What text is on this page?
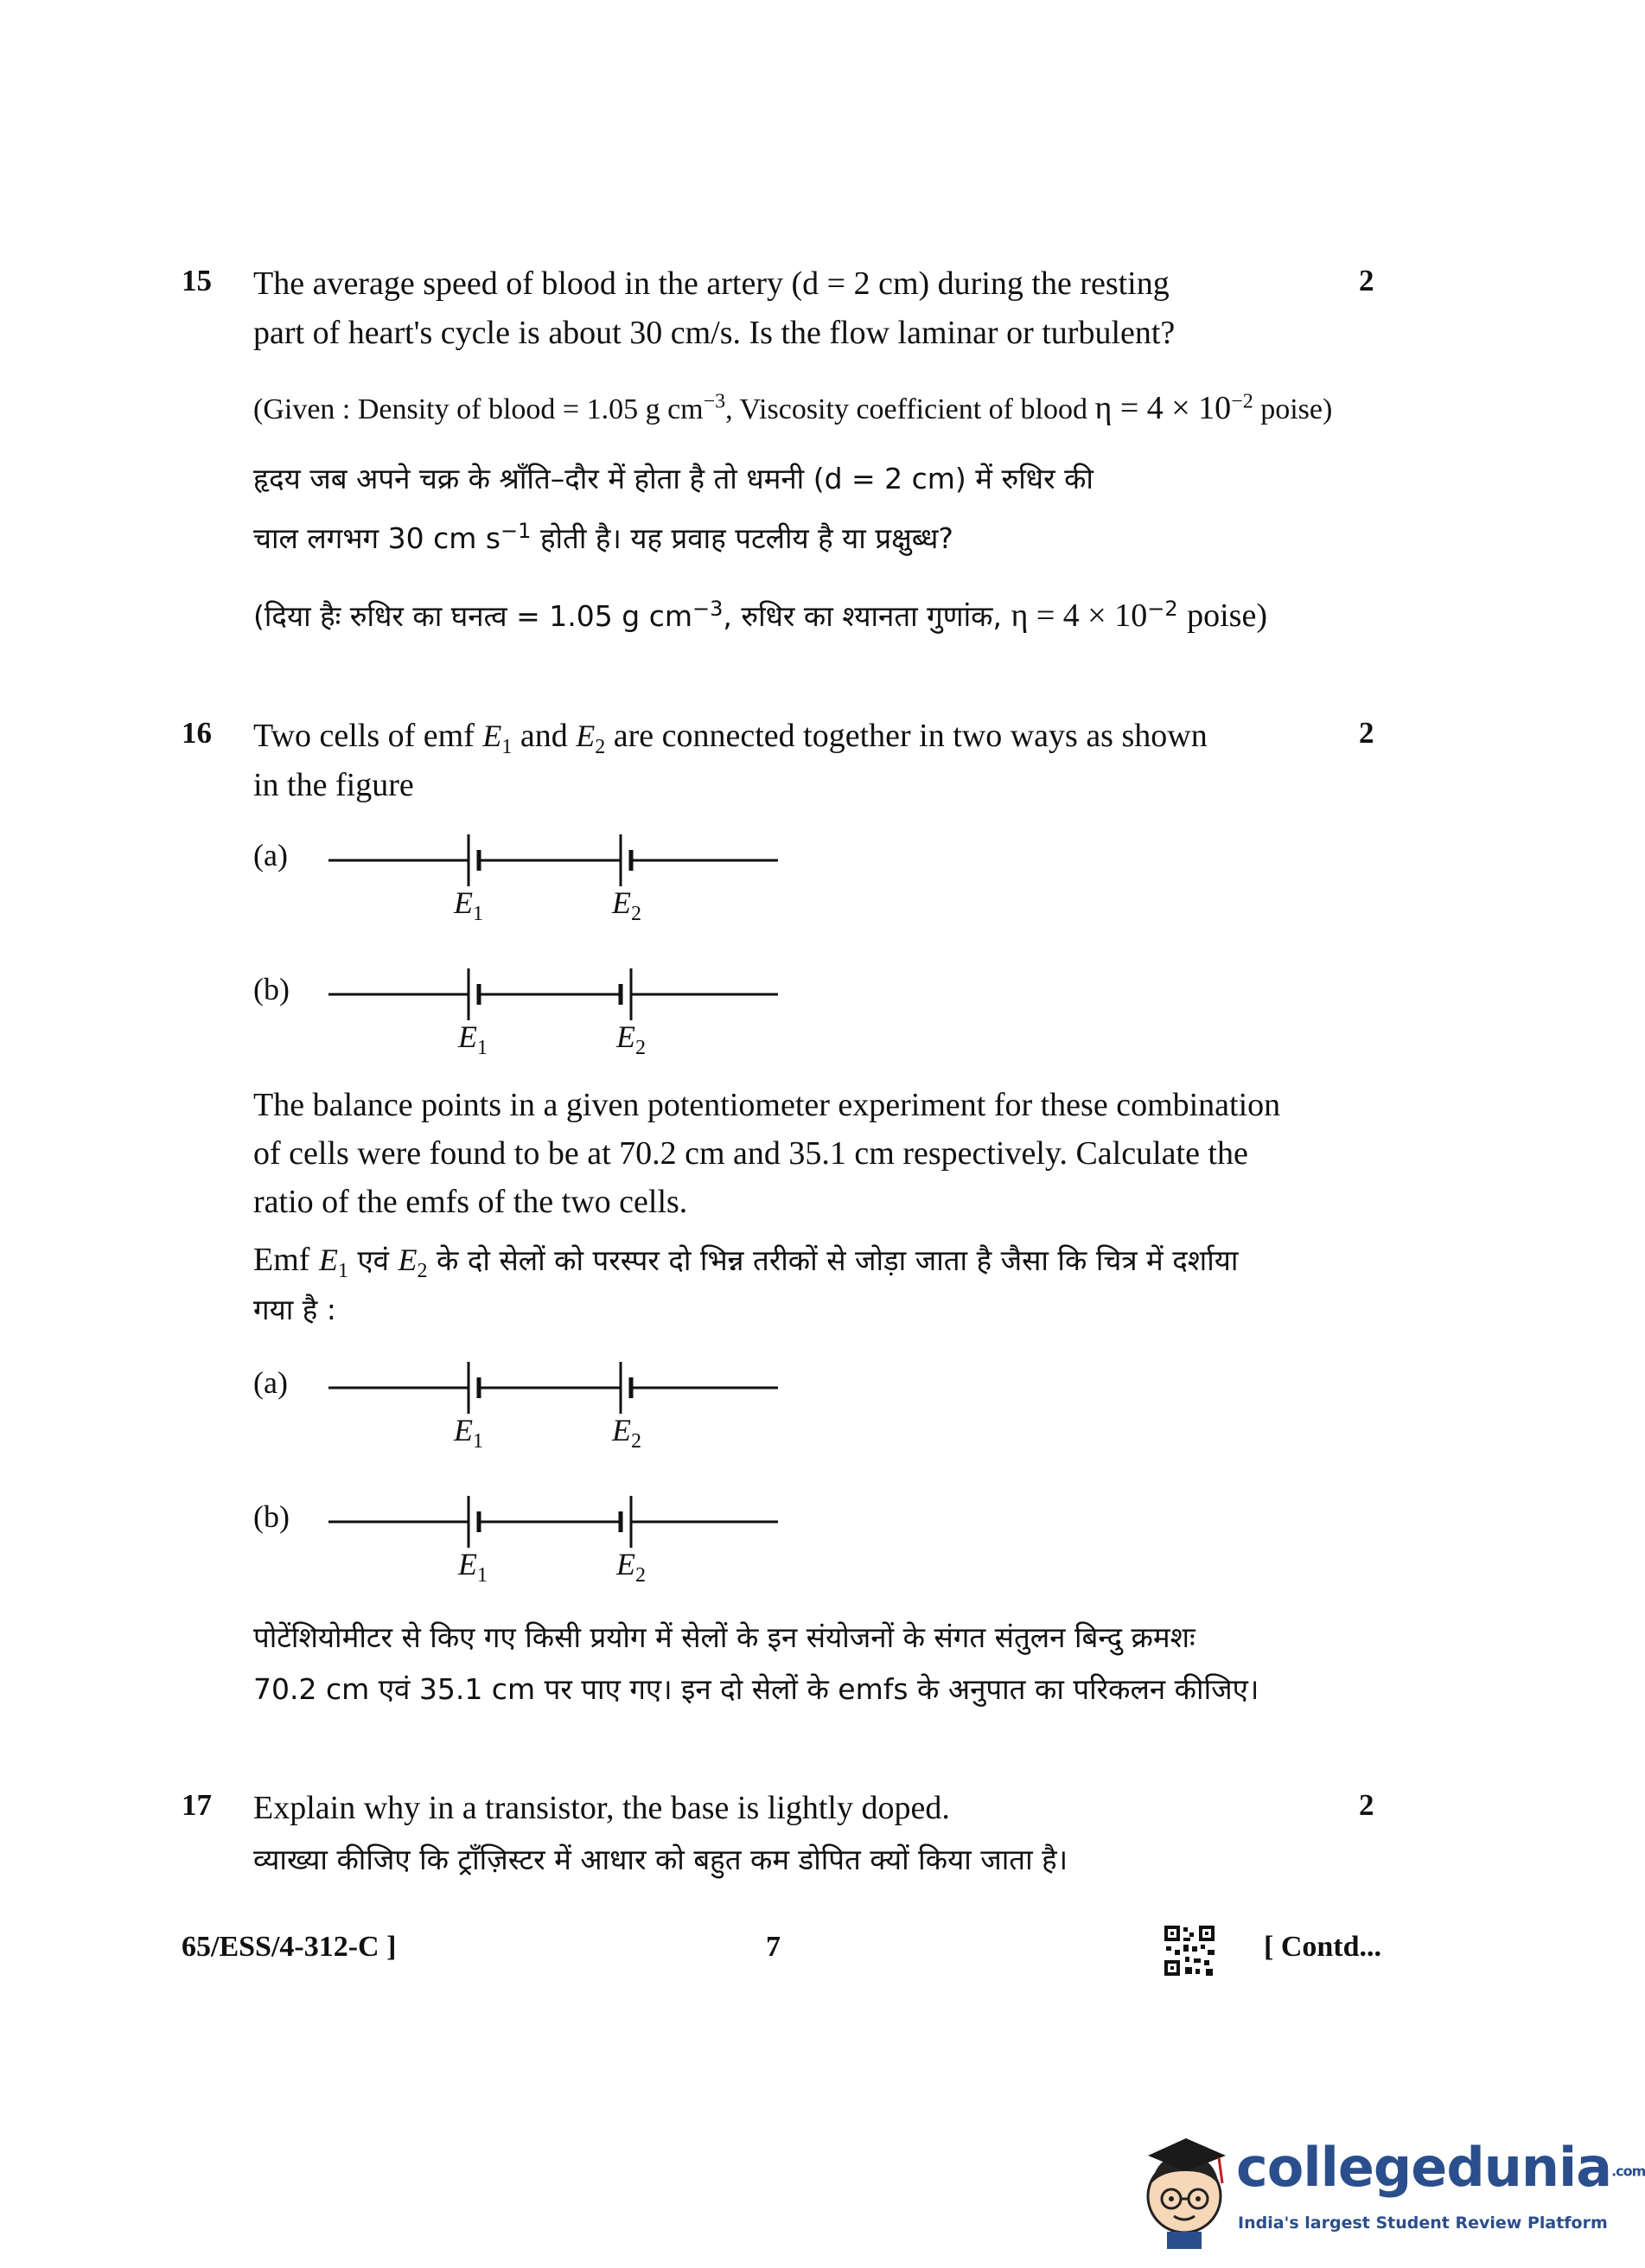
15	2
The average speed of blood in the artery (d = 2 cm) during the resting
part of heart's cycle is about 30 cm/s. Is the flow laminar or turbulent?
(Given : Density of blood = 1.05 g $cm^{-3}$, Viscosity coefficient of blood $\eta = 4 \times 10^{-2}$ poise)
हृदय जब अपने चक्र के श्राँति–दौर में होता है तो धमनी (d = 2 cm) में रुधिर की
चाल लगभग 30 cm $s^{-1}$ होती है। यह प्रवाह पटलीय है या प्रक्षुब्ध?
(दिया हैः रुधिर का घनत्व = 1.05 g $cm^{-3}$, रुधिर का श्यानता गुणांक, $\eta = 4 \times 10^{-2}$ poise)
16	2
Two cells of emf $E_1$ and $E_2$ are connected together in two ways as shown
in the figure
(a)
$E_1$	$E_2$
(b)
$E_1$	$E_2$
The balance points in a given potentiometer experiment for these combination
of cells were found to be at 70.2 cm and 35.1 cm respectively. Calculate the
ratio of the emfs of the two cells.
Emf $E_1$ एवं $E_2$ के दो सेलों को परस्पर दो भिन्न तरीकों से जोड़ा जाता है जैसा कि चित्र में दर्शाया
गया है :
(a)
$E_1$	$E_2$
(b)
$E_1$	$E_2$
पोटेंशियोमीटर से किए गए किसी प्रयोग में सेलों के इन संयोजनों के संगत संतुलन बिन्दु क्रमशः
70.2 cm एवं 35.1 cm पर पाए गए। इन दो सेलों के emfs के अनुपात का परिकलन कीजिए।
17	2
Explain why in a transistor, the base is lightly doped.
व्याख्या कीजिए कि ट्राँज़िस्टर में आधार को बहुत कम डोपित क्यों किया जाता है।
65/ESS/4-312-C ]	7	[ Contd...
collegedunia.com
India's largest Student Review Platform
